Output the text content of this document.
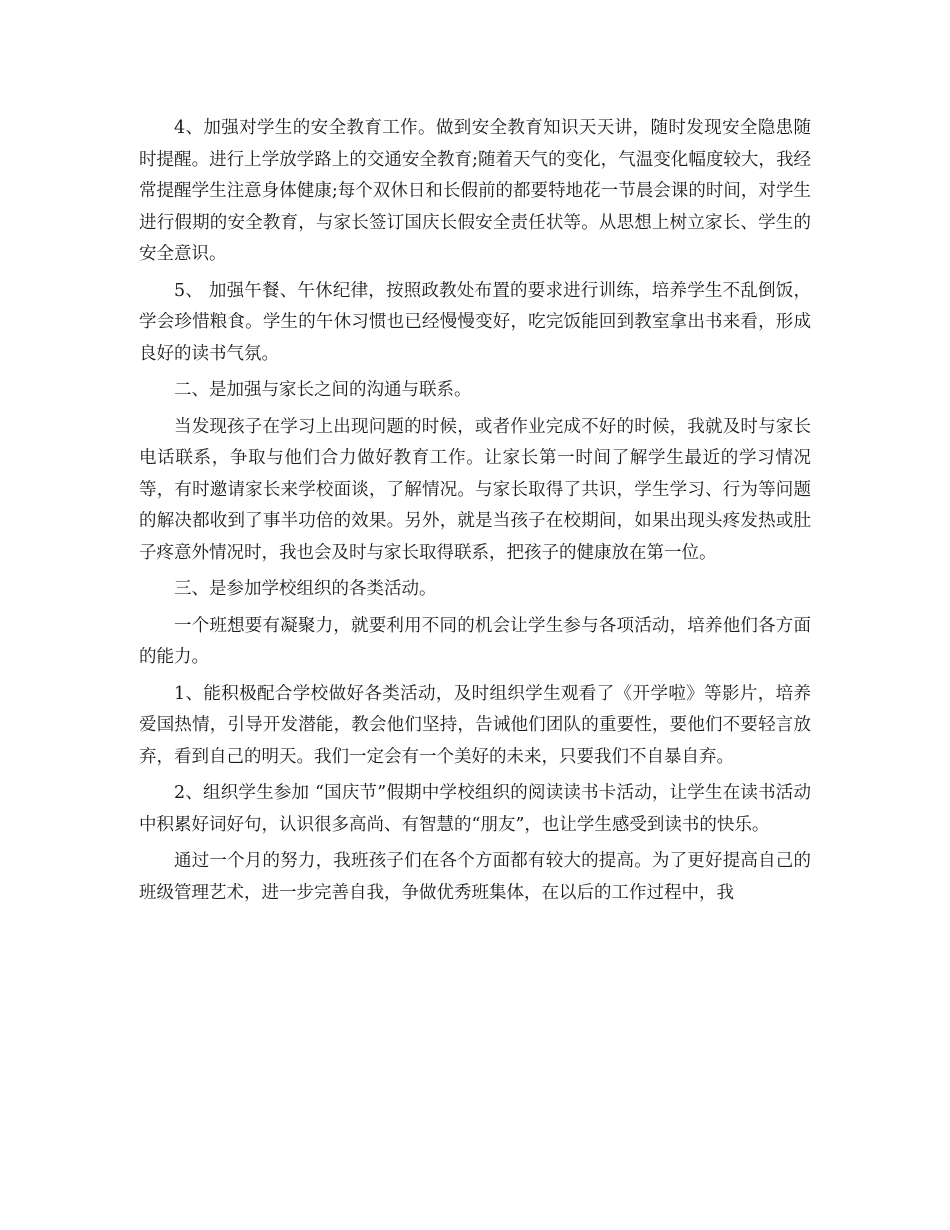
4、加强对学生的安全教育工作。做到安全教育知识天天讲，随时发现安全隐患随时提醒。进行上学放学路上的交通安全教育;随着天气的变化，气温变化幅度较大，我经常提醒学生注意身体健康;每个双休日和长假前的都要特地花一节晨会课的时间，对学生进行假期的安全教育，与家长签订国庆长假安全责任状等。从思想上树立家长、学生的安全意识。

5、 加强午餐、午休纪律，按照政教处布置的要求进行训练，培养学生不乱倒饭，学会珍惜粮食。学生的午休习惯也已经慢慢变好，吃完饭能回到教室拿出书来看，形成良好的读书气氛。

二、是加强与家长之间的沟通与联系。

当发现孩子在学习上出现问题的时候，或者作业完成不好的时候，我就及时与家长电话联系，争取与他们合力做好教育工作。让家长第一时间了解学生最近的学习情况等，有时邀请家长来学校面谈，了解情况。与家长取得了共识，学生学习、行为等问题的解决都收到了事半功倍的效果。另外，就是当孩子在校期间，如果出现头疼发热或肚子疼意外情况时，我也会及时与家长取得联系，把孩子的健康放在第一位。

三、是参加学校组织的各类活动。

一个班想要有凝聚力，就要利用不同的机会让学生参与各项活动，培养他们各方面的能力。

1、能积极配合学校做好各类活动，及时组织学生观看了《开学啦》等影片，培养爱国热情，引导开发潜能，教会他们坚持，告诫他们团队的重要性，要他们不要轻言放弃，看到自己的明天。我们一定会有一个美好的未来，只要我们不自暴自弃。

2、组织学生参加 “国庆节”假期中学校组织的阅读读书卡活动，让学生在读书活动中积累好词好句，认识很多高尚、有智慧的“朋友”，也让学生感受到读书的快乐。

通过一个月的努力，我班孩子们在各个方面都有较大的提高。为了更好提高自己的班级管理艺术，进一步完善自我，争做优秀班集体，在以后的工作过程中，我
